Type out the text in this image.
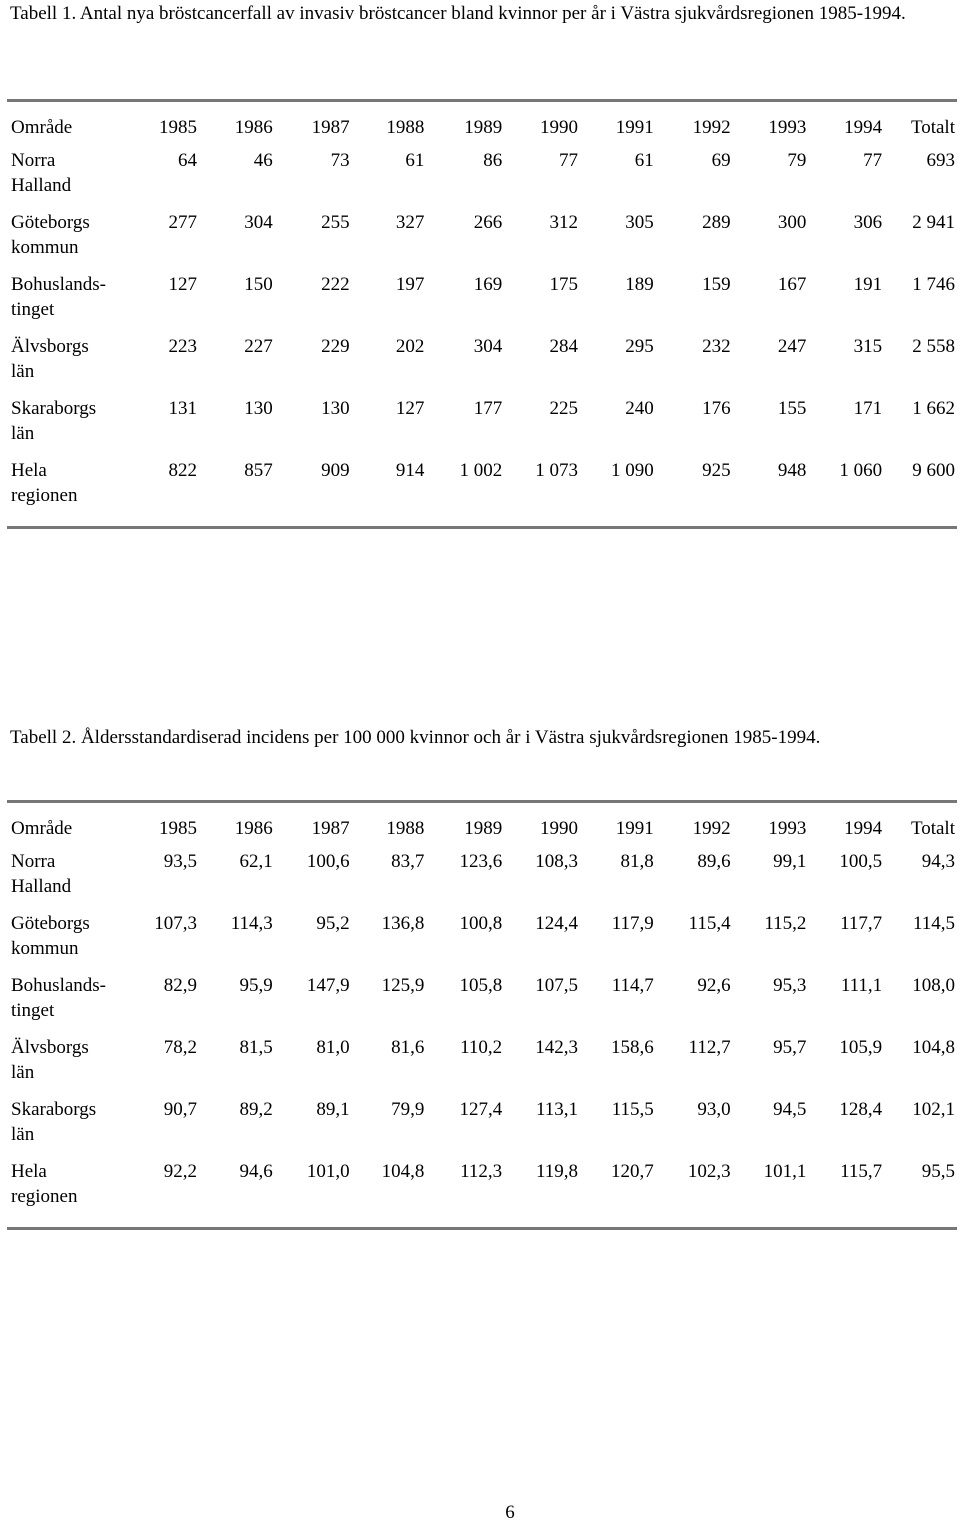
Tabell 1. Antal nya bröstcancerfall av invasiv bröstcancer bland kvinnor per år i Västra sjukvårdsregionen 1985-1994.
Område	1985	1986	1987	1988	1989	1990	1991	1992	1993	1994	Totalt

Norra
Halland	64	46	73	61	86	77	61	69	79	77	693

Göteborgs
kommun	277	304	255	327	266	312	305	289	300	306	2 941

Bohuslands-
tinget	127	150	222	197	169	175	189	159	167	191	1 746

Älvsborgs
län	223	227	229	202	304	284	295	232	247	315	2 558

Skaraborgs
län	131	130	130	127	177	225	240	176	155	171	1 662

Hela
regionen	822	857	909	914	1 002	1 073	1 090	925	948	1 060	9 600
Tabell 2. Åldersstandardiserad incidens per 100 000 kvinnor och år i Västra sjukvårdsregionen 1985-1994.
Område	1985	1986	1987	1988	1989	1990	1991	1992	1993	1994	Totalt

Norra
Halland	93,5	62,1	100,6	83,7	123,6	108,3	81,8	89,6	99,1	100,5	94,3

Göteborgs
kommun	107,3	114,3	95,2	136,8	100,8	124,4	117,9	115,4	115,2	117,7	114,5

Bohuslands-
tinget	82,9	95,9	147,9	125,9	105,8	107,5	114,7	92,6	95,3	111,1	108,0

Älvsborgs
län	78,2	81,5	81,0	81,6	110,2	142,3	158,6	112,7	95,7	105,9	104,8

Skaraborgs
län	90,7	89,2	89,1	79,9	127,4	113,1	115,5	93,0	94,5	128,4	102,1

Hela
regionen	92,2	94,6	101,0	104,8	112,3	119,8	120,7	102,3	101,1	115,7	95,5
6
